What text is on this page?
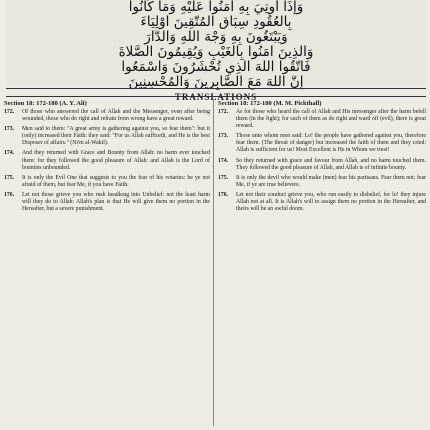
وَإِذَا أُوتِيَ بِهِ آمَنُوا عَلَيْهِ وَمَا كَانُوا
بِالْعُقُودِ سِبَاقِ الْمُتَّقِينَ أَوْلِيَاءَ
وَيَبْتَغُونَ بِهِ وَجْهَ اللَّهِ وَالدَّارَ
وَالَّذِينَ آمَنُوا بِالْغَيْبِ وَيُقِيمُونَ الصَّلَاةَ
فَاتَّقُوا اللَّهَ الَّذِي تُحْشَرُونَ وَاسْمَعُوا
إِنَّ اللَّهَ مَعَ الصَّابِرِينَ وَالْمُحْسِنِينَ
TRANSLATIONS
Section 18: 172-180 (A. Y. Ali)
172.	Of those who answered the call of Allah and the Messenger, even after being wounded, those who do right and refrain from wrong have a great reward.
173.	Men said to them: "A great army is gathering against you, so fear them": but it (only) increased their Faith: they said: "For us Allah sufficeth, and He is the best Disposer of affairs." (Ni'm al-Wakil).
174.	And they returned with Grace and Bounty from Allah: no harm ever touched them: for they followed the good pleasure of Allah: and Allah is the Lord of bounties unbounded.
175.	It is only the Evil One that suggests to you the fear of his votaries: be ye not afraid of them, but fear Me, if you have Faith.
176.	Let not those grieve you who rush headlong into Unbelief: not the least harm will they do to Allah: Allah's plan is that He will give them no portion in the Hereafter, but a severe punishment.
Section 18: 172-180 (M. M. Pickthall)
172.	As for those who heard the call of Allah and His messenger after the harm befell them (in the fight); for such of them as do right and ward off (evil), there is great reward.
173.	Those unto whom men said: Lo! the people have gathered against you, therefore fear them. (The threat of danger) but increased the faith of them and they cried: Allah is sufficient for us! Most Excellent is He in Whom we trust!
174.	So they returned with grace and favour from Allah, and no harm touched them. They followed the good pleasure of Allah, and Allah is of infinite bounty.
175.	It is only the devil who would make (men) fear his partisans. Fear them not; fear Me, if ye are true believers.
176.	Let not their conduct grieve you, who run easily to disbelief, for lo! they injure Allah not at all. It is Allah's will to assign them no portion in the Hereafter, and theirs will be an awful doom.
